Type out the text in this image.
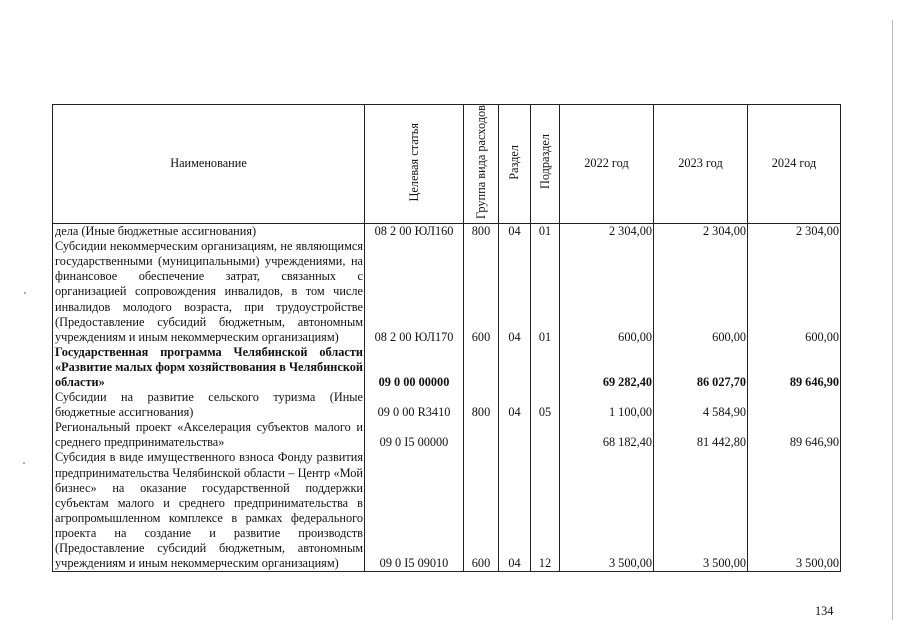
Наименование	Целевая статья	Группа вида расходов	Раздел	Подраздел	2022 год	2023 год	2024 год
дела (Иные бюджетные ассигнования)	08 2 00 ЮЛ160	800	04	01	2 304,00	2 304,00	2 304,00
Субсидии некоммерческим организациям, не являющимся государственными (муниципальными) учреждениями, на финансовое обеспечение затрат, связанных с организацией сопровождения инвалидов, в том числе инвалидов молодого возраста, при трудоустройстве (Предоставление субсидий бюджетным, автономным учреждениям и иным некоммерческим организациям)	08 2 00 ЮЛ170	600	04	01	600,00	600,00	600,00
Государственная программа Челябинской области «Развитие малых форм хозяйствования в Челябинской области»	09 0 00 00000				69 282,40	86 027,70	89 646,90
Субсидии на развитие сельского туризма (Иные бюджетные ассигнования)	09 0 00 R3410	800	04	05	1 100,00	4 584,90	
Региональный проект «Акселерация субъектов малого и среднего предпринимательства»	09 0 I5 00000				68 182,40	81 442,80	89 646,90
Субсидия в виде имущественного взноса Фонду развития предпринимательства Челябинской области – Центр «Мой бизнес» на оказание государственной поддержки субъектам малого и среднего предпринимательства в агропромышленном комплексе в рамках федерального проекта на создание и развитие производств (Предоставление субсидий бюджетным, автономным учреждениям и иным некоммерческим организациям)	09 0 I5 09010	600	04	12	3 500,00	3 500,00	3 500,00
134
